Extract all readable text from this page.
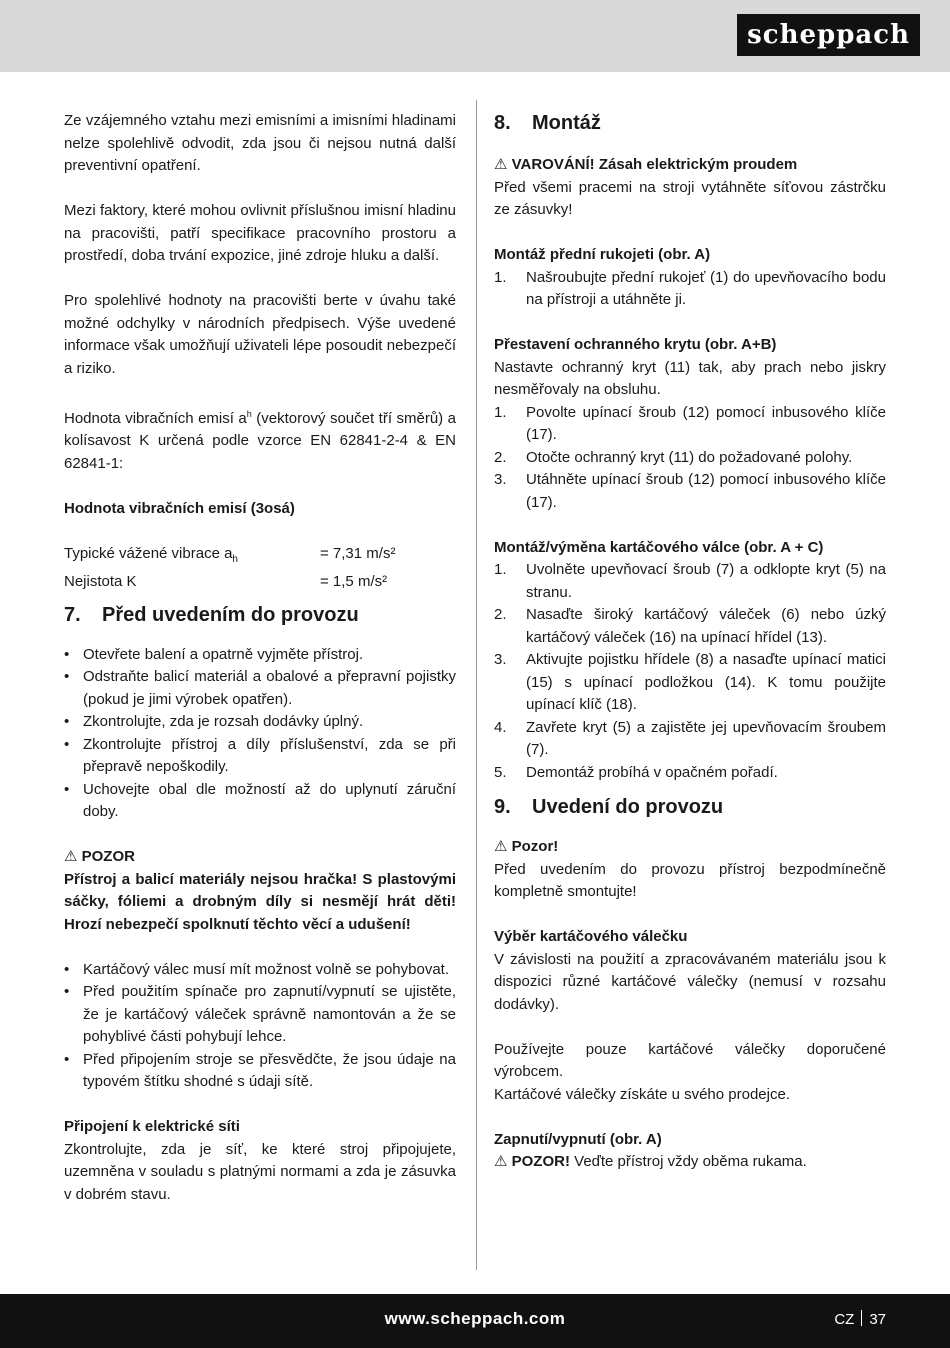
scheppach

Ze vzájemného vztahu mezi emisními a imisními hladinami nelze spolehlivě odvodit, zda jsou či nejsou nutná další preventivní opatření.

Mezi faktory, které mohou ovlivnit příslušnou imisní hladinu na pracovišti, patří specifikace pracovního prostoru a prostředí, doba trvání expozice, jiné zdroje hluku a další.

Pro spolehlivé hodnoty na pracovišti berte v úvahu také možné odchylky v národních předpisech. Výše uvedené informace však umožňují uživateli lépe posoudit nebezpečí a riziko.

Hodnota vibračních emisí $a^h$ (vektorový součet tří směrů) a kolísavost K určená podle vzorce EN 62841-2-4 & EN 62841-1:

Hodnota vibračních emisí (3osá)

Typické vážené vibrace $a_h$	= 7,31 m/s²
Nejistota K	= 1,5 m/s²
7. Před uvedením do provozu
• Otevřete balení a opatrně vyjměte přístroj.
• Odstraňte balicí materiál a obalové a přepravní pojistky (pokud je jimi výrobek opatřen).
• Zkontrolujte, zda je rozsah dodávky úplný.
• Zkontrolujte přístroj a díly příslušenství, zda se při přepravě nepoškodily.
• Uchovejte obal dle možností až do uplynutí záruční doby.

⚠ POZOR

Přístroj a balicí materiály nejsou hračka! S plastovými sáčky, fóliemi a drobným díly si nesmějí hrát děti! Hrozí nebezpečí spolknutí těchto věcí a udušení!

• Kartáčový válec musí mít možnost volně se pohybovat.
• Před použitím spínače pro zapnutí/vypnutí se ujistěte, že je kartáčový váleček správně namontován a že se pohyblivé části pohybují lehce.
• Před připojením stroje se přesvědčte, že jsou údaje na typovém štítku shodné s údaji sítě.

Připojení k elektrické síti

Zkontrolujte, zda je síť, ke které stroj připojujete, uzemněna v souladu s platnými normami a zda je zásuvka v dobrém stavu.

8. Montáž

⚠ VAROVÁNÍ! Zásah elektrickým proudem

Před všemi pracemi na stroji vytáhněte síťovou zástrčku ze zásuvky!

Montáž přední rukojeti (obr. A)

1. Našroubujte přední rukojeť (1) do upevňovacího bodu na přístroji a utáhněte ji.

Přestavení ochranného krytu (obr. A+B)

Nastavte ochranný kryt (11) tak, aby prach nebo jiskry nesměřovaly na obsluhu.

1. Povolte upínací šroub (12) pomocí inbusového klíče (17).
2. Otočte ochranný kryt (11) do požadované polohy.
3. Utáhněte upínací šroub (12) pomocí inbusového klíče (17).

Montáž/výměna kartáčového válce (obr. A + C)

1. Uvolněte upevňovací šroub (7) a odklopte kryt (5) na stranu.
2. Nasaďte široký kartáčový váleček (6) nebo úzký kartáčový váleček (16) na upínací hřídel (13).
3. Aktivujte pojistku hřídele (8) a nasaďte upínací matici (15) s upínací podložkou (14). K tomu použijte upínací klíč (18).
4. Zavřete kryt (5) a zajistěte jej upevňovacím šroubem (7).
5. Demontáž probíhá v opačném pořadí.
9. Uvedení do provozu

⚠ Pozor!

Před uvedením do provozu přístroj bezpodmínečně kompletně smontujte!

Výběr kartáčového válečku

V závislosti na použití a zpracovávaném materiálu jsou k dispozici různé kartáčové válečky (nemusí v rozsahu dodávky).

Používejte pouze kartáčové válečky doporučené výrobcem.

Kartáčové válečky získáte u svého prodejce.

Zapnutí/vypnutí (obr. A)

⚠ POZOR! Veďte přístroj vždy oběma rukama.

www.scheppach.com	CZ 37
